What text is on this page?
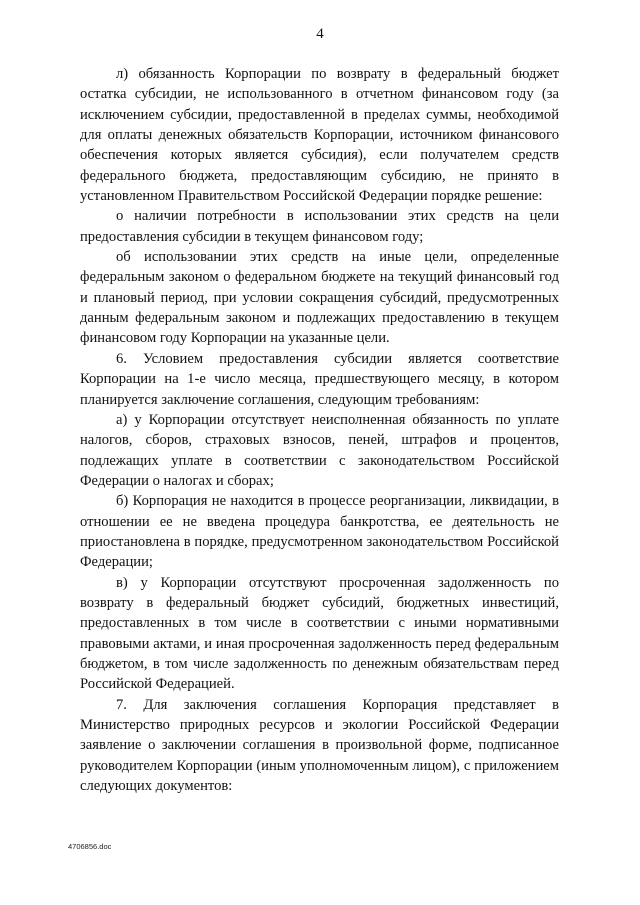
4

л) обязанность Корпорации по возврату в федеральный бюджет остатка субсидии, не использованного в отчетном финансовом году (за исключением субсидии, предоставленной в пределах суммы, необходимой для оплаты денежных обязательств Корпорации, источником финансового обеспечения которых является субсидия), если получателем средств федерального бюджета, предоставляющим субсидию, не принято в установленном Правительством Российской Федерации порядке решение:

о наличии потребности в использовании этих средств на цели предоставления субсидии в текущем финансовом году;

об использовании этих средств на иные цели, определенные федеральным законом о федеральном бюджете на текущий финансовый год и плановый период, при условии сокращения субсидий, предусмотренных данным федеральным законом и подлежащих предоставлению в текущем финансовом году Корпорации на указанные цели.

6. Условием предоставления субсидии является соответствие Корпорации на 1-е число месяца, предшествующего месяцу, в котором планируется заключение соглашения, следующим требованиям:

а) у Корпорации отсутствует неисполненная обязанность по уплате налогов, сборов, страховых взносов, пеней, штрафов и процентов, подлежащих уплате в соответствии с законодательством Российской Федерации о налогах и сборах;

б) Корпорация не находится в процессе реорганизации, ликвидации, в отношении ее не введена процедура банкротства, ее деятельность не приостановлена в порядке, предусмотренном законодательством Российской Федерации;

в) у Корпорации отсутствуют просроченная задолженность по возврату в федеральный бюджет субсидий, бюджетных инвестиций, предоставленных в том числе в соответствии с иными нормативными правовыми актами, и иная просроченная задолженность перед федеральным бюджетом, в том числе задолженность по денежным обязательствам перед Российской Федерацией.

7. Для заключения соглашения Корпорация представляет в Министерство природных ресурсов и экологии Российской Федерации заявление о заключении соглашения в произвольной форме, подписанное руководителем Корпорации (иным уполномоченным лицом), с приложением следующих документов:

4706856.doc
